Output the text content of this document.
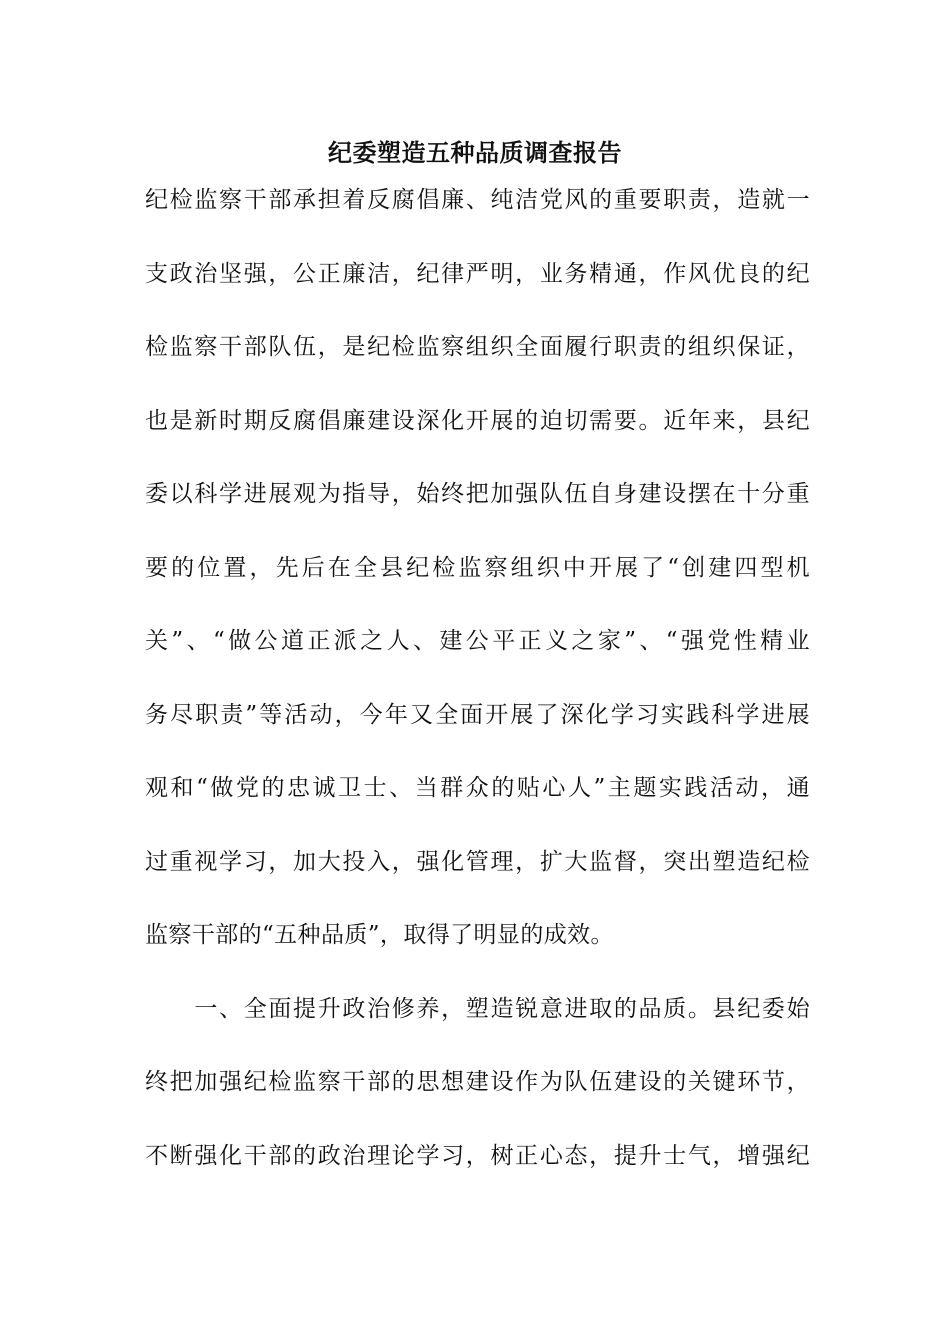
纪委塑造五种品质调查报告
纪检监察干部承担着反腐倡廉、纯洁党风的重要职责，造就一
支政治坚强，公正廉洁，纪律严明，业务精通，作风优良的纪
检监察干部队伍，是纪检监察组织全面履行职责的组织保证，
也是新时期反腐倡廉建设深化开展的迫切需要。近年来，县纪
委以科学进展观为指导，始终把加强队伍自身建设摆在十分重
要的位置，先后在全县纪检监察组织中开展了“创建四型机
关”、“做公道正派之人、建公平正义之家”、“强党性精业
务尽职责”等活动，今年又全面开展了深化学习实践科学进展
观和“做党的忠诚卫士、当群众的贴心人”主题实践活动，通
过重视学习，加大投入，强化管理，扩大监督，突出塑造纪检
监察干部的“五种品质”，取得了明显的成效。
　　一、全面提升政治修养，塑造锐意进取的品质。县纪委始
终把加强纪检监察干部的思想建设作为队伍建设的关键环节，
不断强化干部的政治理论学习，树正心态，提升士气，增强纪
